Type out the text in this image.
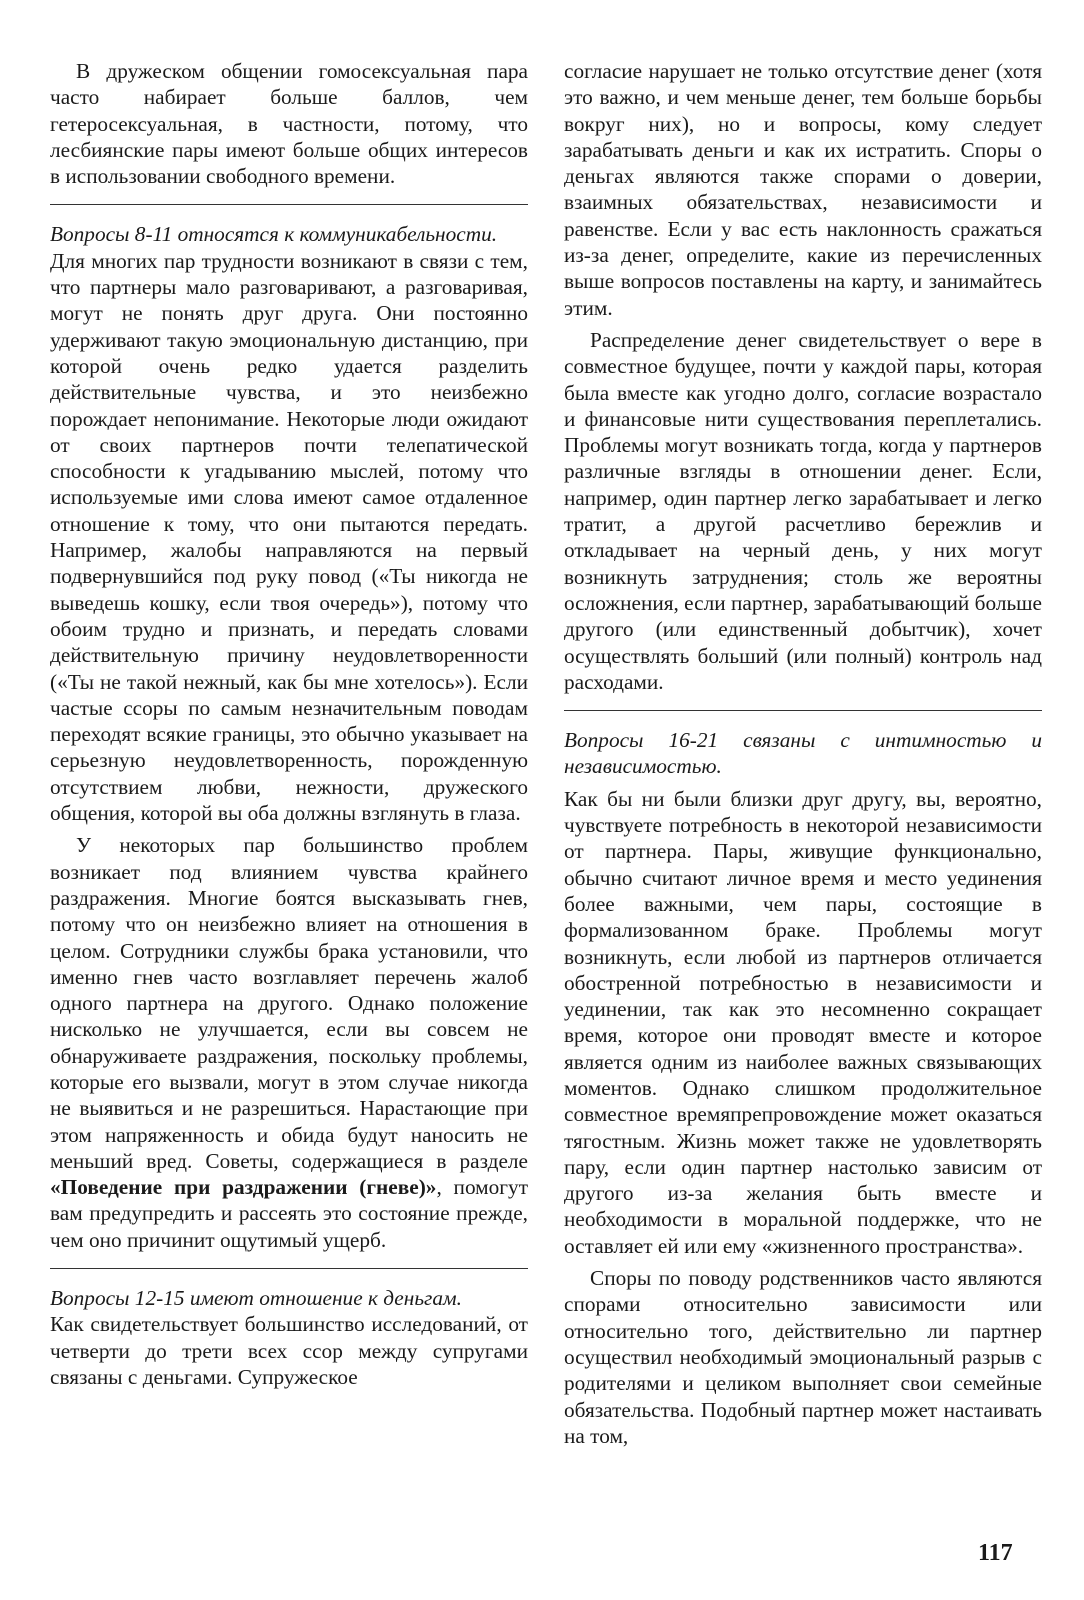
В дружеском общении гомосексуальная пара часто набирает больше баллов, чем гетеросексуальная, в частности, потому, что лесбиянские пары имеют больше общих интересов в использовании свободного времени.

Вопросы 8-11 относятся к коммуникабельности.

Для многих пар трудности возникают в связи с тем, что партнеры мало разговаривают, а разговаривая, могут не понять друг друга. Они постоянно удерживают такую эмоциональную дистанцию, при которой очень редко удается разделить действительные чувства, и это неизбежно порождает непонимание. Некоторые люди ожидают от своих партнеров почти телепатической способности к угадыванию мыслей, потому что используемые ими слова имеют самое отдаленное отношение к тому, что они пытаются передать. Например, жалобы направляются на первый подвернувшийся под руку повод («Ты никогда не выведешь кошку, если твоя очередь»), потому что обоим трудно и признать, и передать словами действительную причину неудовлетворенности («Ты не такой нежный, как бы мне хотелось»). Если частые ссоры по самым незначительным поводам переходят всякие границы, это обычно указывает на серьезную неудовлетворенность, порожденную отсутствием любви, нежности, дружеского общения, которой вы оба должны взглянуть в глаза.

У некоторых пар большинство проблем возникает под влиянием чувства крайнего раздражения. Многие боятся высказывать гнев, потому что он неизбежно влияет на отношения в целом. Сотрудники службы брака установили, что именно гнев часто возглавляет перечень жалоб одного партнера на другого. Однако положение нисколько не улучшается, если вы совсем не обнаруживаете раздражения, поскольку проблемы, которые его вызвали, могут в этом случае никогда не выявиться и не разрешиться. Нарастающие при этом напряженность и обида будут наносить не меньший вред. Советы, содержащиеся в разделе «Поведение при раздражении (гневе)», помогут вам предупредить и рассеять это состояние прежде, чем оно причинит ощутимый ущерб.

Вопросы 12-15 имеют отношение к деньгам.

Как свидетельствует большинство исследований, от четверти до трети всех ссор между супругами связаны с деньгами. Супружеское

согласие нарушает не только отсутствие денег (хотя это важно, и чем меньше денег, тем больше борьбы вокруг них), но и вопросы, кому следует зарабатывать деньги и как их истратить. Споры о деньгах являются также спорами о доверии, взаимных обязательствах, независимости и равенстве. Если у вас есть наклонность сражаться из-за денег, определите, какие из перечисленных выше вопросов поставлены на карту, и занимайтесь этим.

Распределение денег свидетельствует о вере в совместное будущее, почти у каждой пары, которая была вместе как угодно долго, согласие возрастало и финансовые нити существования переплетались. Проблемы могут возникать тогда, когда у партнеров различные взгляды в отношении денег. Если, например, один партнер легко зарабатывает и легко тратит, а другой расчетливо бережлив и откладывает на черный день, у них могут возникнуть затруднения; столь же вероятны осложнения, если партнер, зарабатывающий больше другого (или единственный добытчик), хочет осуществлять больший (или полный) контроль над расходами.

Вопросы 16-21 связаны с интимностью и независимостью.

Как бы ни были близки друг другу, вы, вероятно, чувствуете потребность в некоторой независимости от партнера. Пары, живущие функционально, обычно считают личное время и место уединения более важными, чем пары, состоящие в формализованном браке. Проблемы могут возникнуть, если любой из партнеров отличается обостренной потребностью в независимости и уединении, так как это несомненно сокращает время, которое они проводят вместе и которое является одним из наиболее важных связывающих моментов. Однако слишком продолжительное совместное времяпрепровождение может оказаться тягостным. Жизнь может также не удовлетворять пару, если один партнер настолько зависим от другого из-за желания быть вместе и необходимости в моральной поддержке, что не оставляет ей или ему «жизненного пространства».

Споры по поводу родственников часто являются спорами относительно зависимости или относительно того, действительно ли партнер осуществил необходимый эмоциональный разрыв с родителями и целиком выполняет свои семейные обязательства. Подобный партнер может настаивать на том,

117
